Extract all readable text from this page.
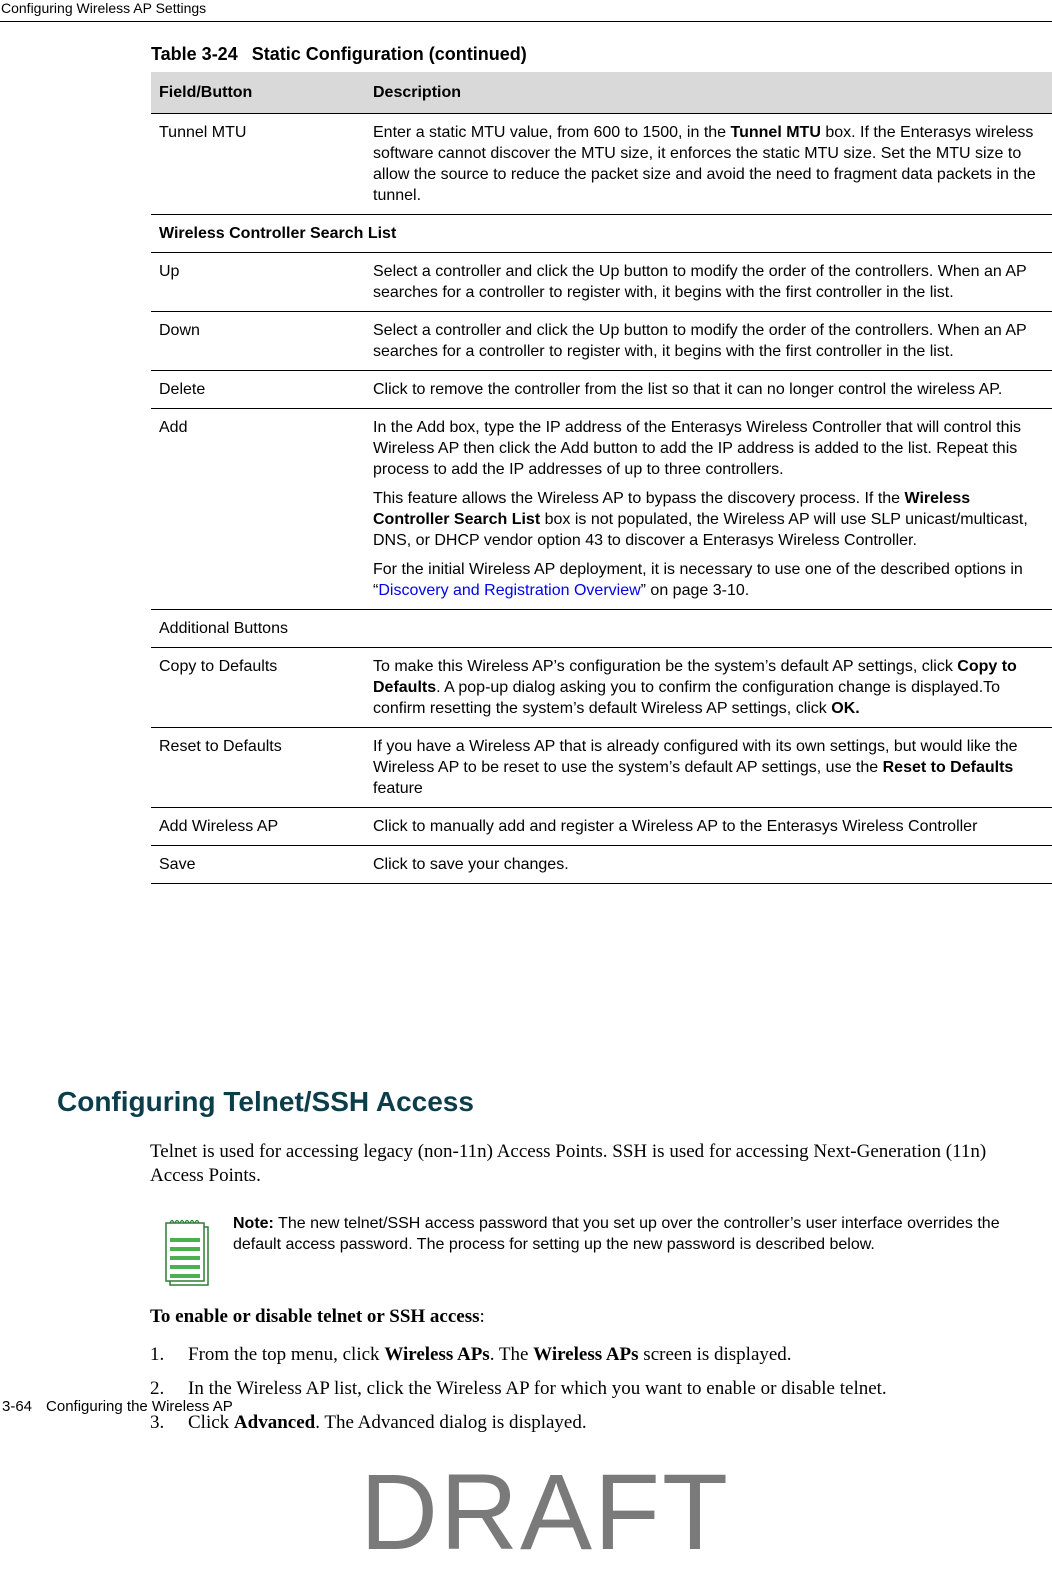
Configuring Wireless AP Settings
Table 3-24 Static Configuration (continued)
Field/Button	Description
Tunnel MTU	Enter a static MTU value, from 600 to 1500, in the Tunnel MTU box. If the Enterasys wireless software cannot discover the MTU size, it enforces the static MTU size. Set the MTU size to allow the source to reduce the packet size and avoid the need to fragment data packets in the tunnel.
Wireless Controller Search List	
Up	Select a controller and click the Up button to modify the order of the controllers. When an AP searches for a controller to register with, it begins with the first controller in the list.
Down	Select a controller and click the Up button to modify the order of the controllers. When an AP searches for a controller to register with, it begins with the first controller in the list.
Delete	Click to remove the controller from the list so that it can no longer control the wireless AP.
Add	In the Add box, type the IP address of the Enterasys Wireless Controller that will control this Wireless AP then click the Add button to add the IP address is added to the list. Repeat this process to add the IP addresses of up to three controllers.

This feature allows the Wireless AP to bypass the discovery process. If the Wireless Controller Search List box is not populated, the Wireless AP will use SLP unicast/multicast, DNS, or DHCP vendor option 43 to discover a Enterasys Wireless Controller.

For the initial Wireless AP deployment, it is necessary to use one of the described options in “Discovery and Registration Overview” on page 3-10.

Additional Buttons	
Copy to Defaults	To make this Wireless AP’s configuration be the system’s default AP settings, click Copy to Defaults. A pop-up dialog asking you to confirm the configuration change is displayed.To confirm resetting the system’s default Wireless AP settings, click OK.
Reset to Defaults	If you have a Wireless AP that is already configured with its own settings, but would like the Wireless AP to be reset to use the system’s default AP settings, use the Reset to Defaults feature
Add Wireless AP	Click to manually add and register a Wireless AP to the Enterasys Wireless Controller
Save	Click to save your changes.
Configuring Telnet/SSH Access

Telnet is used for accessing legacy (non-11n) Access Points. SSH is used for accessing Next-Generation (11n) Access Points.

Note: The new telnet/SSH access password that you set up over the controller’s user interface overrides the default access password. The process for setting up the new password is described below.

To enable or disable telnet or SSH access:

1. From the top menu, click Wireless APs. The Wireless APs screen is displayed.
2. In the Wireless AP list, click the Wireless AP for which you want to enable or disable telnet.
3. Click Advanced. The Advanced dialog is displayed.
3-64 Configuring the Wireless AP
DRAFT
